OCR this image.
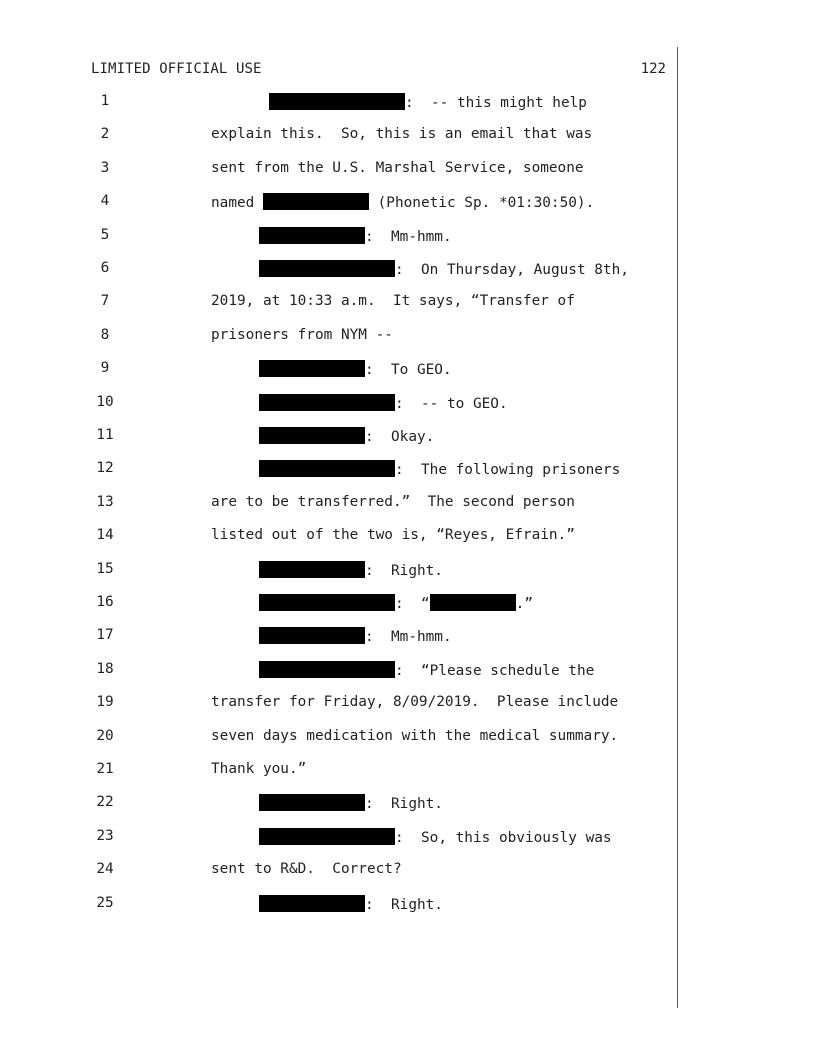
LIMITED OFFICIAL USE	122
1	:  -- this might help
2	explain this.  So, this is an email that was
3	sent from the U.S. Marshal Service, someone
4	named	(Phonetic Sp. *01:30:50).
5	:  Mm-hmm.
6	:  On Thursday, August 8th,
7	2019, at 10:33 a.m.  It says, “Transfer of
8	prisoners from NYM --
9	:  To GEO.
10	:  -- to GEO.
11	:  Okay.
12	:  The following prisoners
13	are to be transferred.”  The second person
14	listed out of the two is, “Reyes, Efrain.”
15	:  Right.
16	:  “	.”
17	:  Mm-hmm.
18	:  “Please schedule the
19	transfer for Friday, 8/09/2019.  Please include
20	seven days medication with the medical summary.
21	Thank you.”
22	:  Right.
23	:  So, this obviously was
24	sent to R&D.  Correct?
25	:  Right.
